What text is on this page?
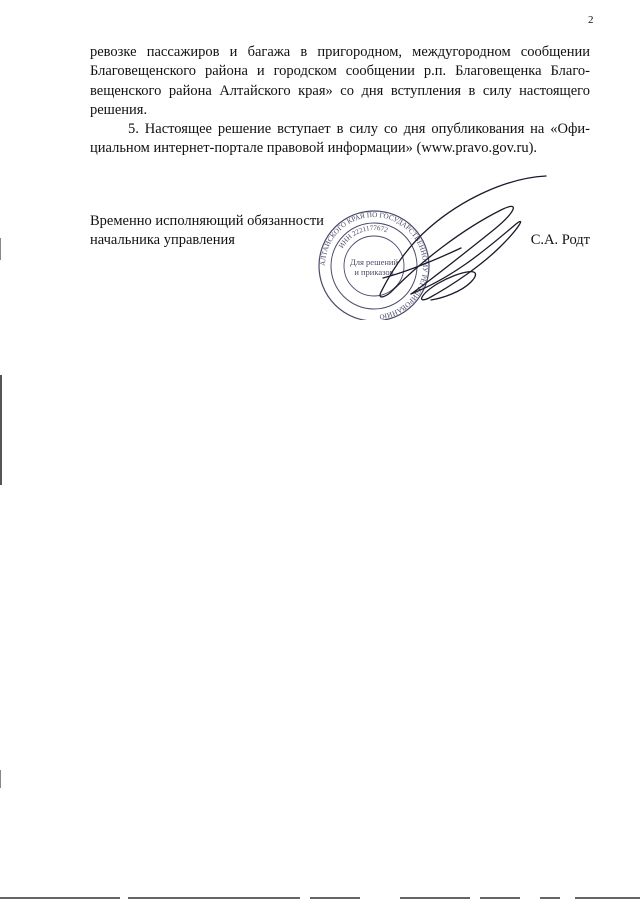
2

ревозке пассажиров и багажа в пригородном, междугородном сообщении
Благовещенского района и городском сообщении р.п. Благовещенка Благо-
вещенского района Алтайского края» со дня вступления в силу настоящего
решения.

5. Настоящее решение вступает в силу со дня опубликования на «Офи-
циальном интернет-портале правовой информации» (www.pravo.gov.ru).

Временно исполняющий обязанности
начальника управления
АЛТАЙСКОГО КРАЯ ПО ГОСУДАРСТВЕННОМУ РЕГУЛИРОВАНИЮ
ИНН 2221177672
Для решений
и приказов
С.А. Родт
